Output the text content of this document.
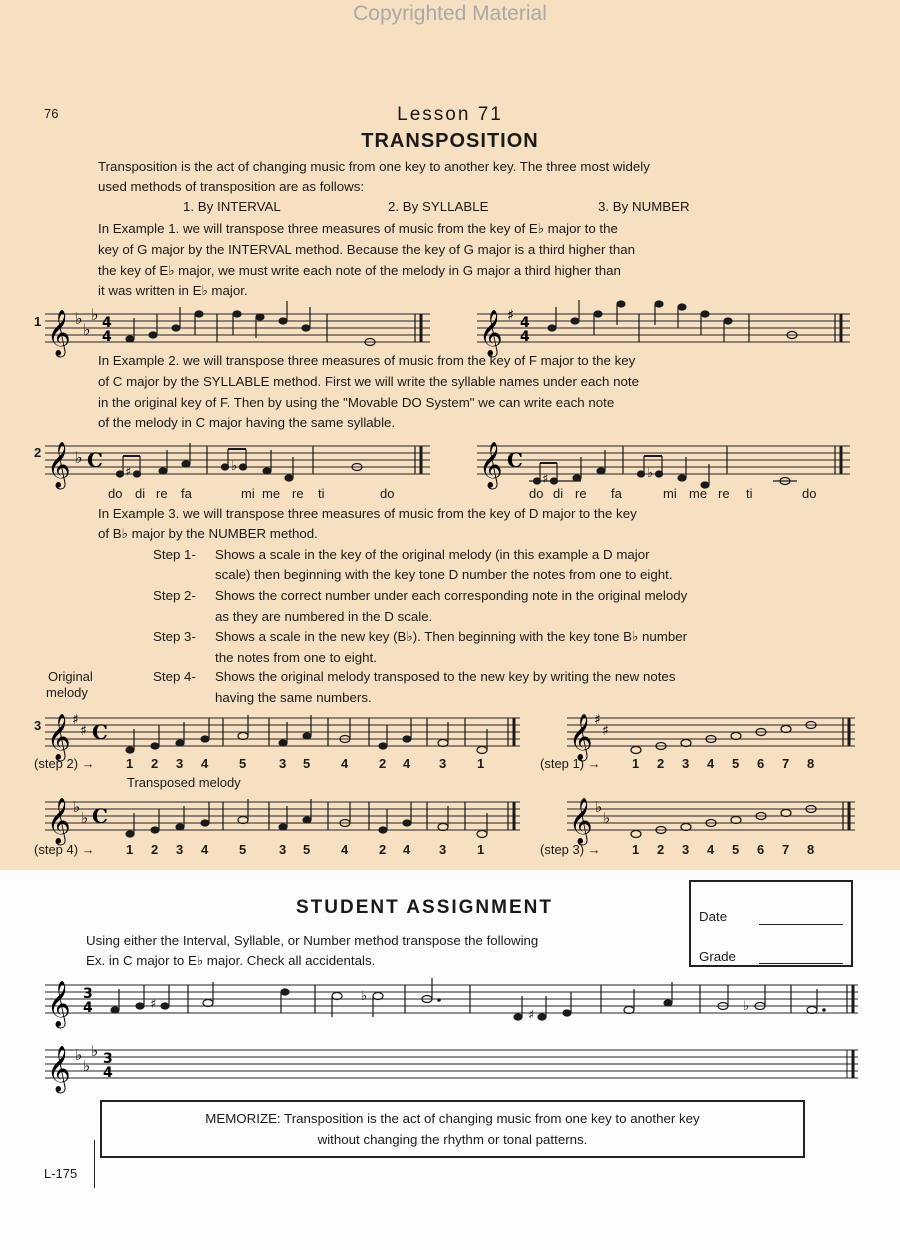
Copyrighted Material
76	Lesson 71
TRANSPOSITION
Transposition is the act of changing music from one key to another key. The three most widely
used methods of transposition are as follows:
1. By INTERVAL	2. By SYLLABLE	3. By NUMBER
In Example 1. we will transpose three measures of music from the key of E♭ major to the
key of G major by the INTERVAL method. Because the key of G major is a third higher than
the key of E♭ major, we must write each note of the melody in G major a third higher than
it was written in E♭ major.
1 𝄞 ♭
♭
♭ 4
4	𝄞 ♯ 4
4
In Example 2. we will transpose three measures of music from the key of F major to the key
of C major by the SYLLABLE method. First we will write the syllable names under each note
in the original key of F. Then by using the "Movable DO System" we can write each note
of the melody in C major having the same syllable.
2 𝄞 ♭ C
♯	♭	𝄞 C
♯	♭
do di re fa	mi me re ti	do	do di re fa	mi me re ti	do
In Example 3. we will transpose three measures of music from the key of D major to the key
of B♭ major by the NUMBER method.
Step 1- Shows a scale in the key of the original melody (in this example a D major
scale) then beginning with the key tone D number the notes from one to eight.
Step 2- Shows the correct number under each corresponding note in the original melody
as they are numbered in the D scale.
Step 3- Shows a scale in the new key (B♭). Then beginning with the key tone B♭ number
the notes from one to eight.
Step 4- Shows the original melody transposed to the new key by writing the new notes
having the same numbers.
Original
melody
3 𝄞 ♯
♯ C	𝄞 ♯
♯
(step 2) →	(step 1) →
1 2 3 4 5	3 5 4 2 4 3 1	1 2 3 4 5 6 7 8
Transposed melody
𝄞 ♭
♭ C	𝄞 ♭
♭
(step 4) →	(step 3) →
1 2 3 4 5	3 5 4 2 4 3 1	1 2 3 4 5 6 7 8
STUDENT ASSIGNMENT
Using either the Interval, Syllable, or Number method transpose the following
Ex. in C major to E♭ major. Check all accidentals.
Date
Grade
𝄞 3
4	♯
♭
♯
♭
𝄞 ♭
♭
♭ 3
4
MEMORIZE: Transposition is the act of changing music from one key to another key
without changing the rhythm or tonal patterns.
L-175
